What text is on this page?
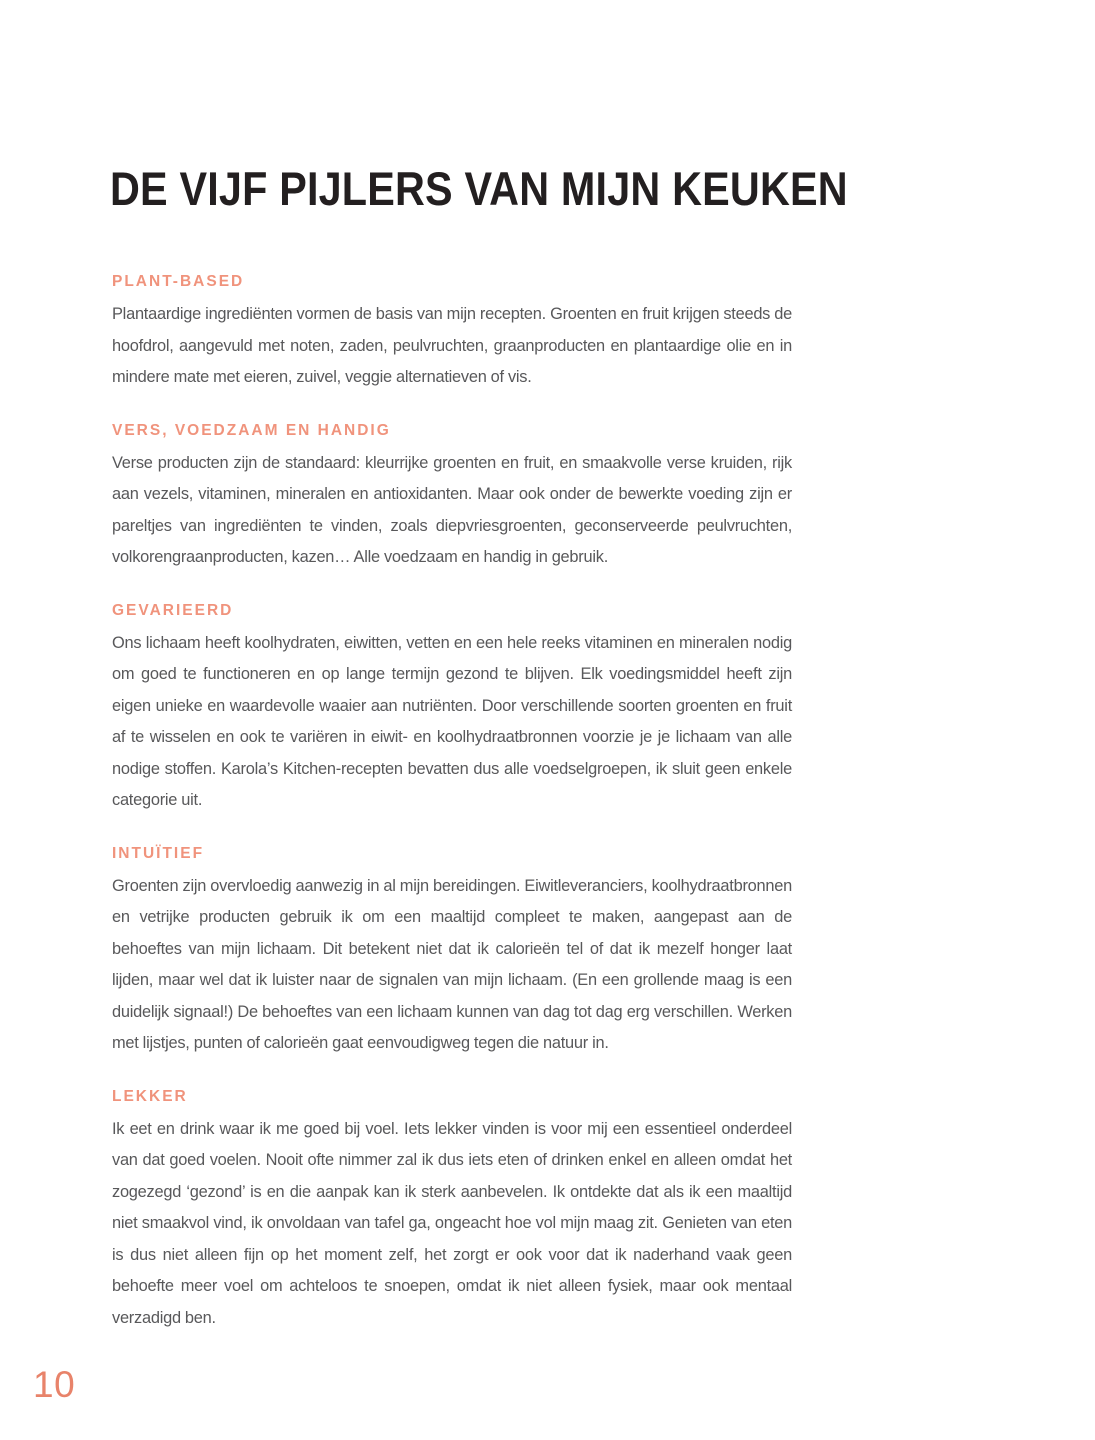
DE VIJF PIJLERS VAN MIJN KEUKEN
PLANT-BASED

Plantaardige ingrediënten vormen de basis van mijn recepten. Groenten en fruit krijgen steeds de hoofdrol, aangevuld met noten, zaden, peulvruchten, graanproducten en plantaardige olie en in mindere mate met eieren, zuivel, veggie alternatieven of vis.

VERS, VOEDZAAM EN HANDIG

Verse producten zijn de standaard: kleurrijke groenten en fruit, en smaakvolle verse kruiden, rijk aan vezels, vitaminen, mineralen en antioxidanten. Maar ook onder de bewerkte voeding zijn er pareltjes van ingrediënten te vinden, zoals diepvriesgroenten, geconserveerde peulvruchten, volkorengraanproducten, kazen… Alle voedzaam en handig in gebruik.

GEVARIEERD

Ons lichaam heeft koolhydraten, eiwitten, vetten en een hele reeks vitaminen en mineralen nodig om goed te functioneren en op lange termijn gezond te blijven. Elk voedingsmiddel heeft zijn eigen unieke en waardevolle waaier aan nutriënten. Door verschillende soorten groenten en fruit af te wisselen en ook te variëren in eiwit- en koolhydraatbronnen voorzie je je lichaam van alle nodige stoffen. Karola’s Kitchen-recepten bevatten dus alle voedselgroepen, ik sluit geen enkele categorie uit.

INTUÏTIEF

Groenten zijn overvloedig aanwezig in al mijn bereidingen. Eiwitleveranciers, koolhydraatbronnen en vetrijke producten gebruik ik om een maaltijd compleet te maken, aangepast aan de behoeftes van mijn lichaam. Dit betekent niet dat ik calorieën tel of dat ik mezelf honger laat lijden, maar wel dat ik luister naar de signalen van mijn lichaam. (En een grollende maag is een duidelijk signaal!) De behoeftes van een lichaam kunnen van dag tot dag erg verschillen. Werken met lijstjes, punten of calorieën gaat eenvoudigweg tegen die natuur in.

LEKKER

Ik eet en drink waar ik me goed bij voel. Iets lekker vinden is voor mij een essentieel onderdeel van dat goed voelen. Nooit ofte nimmer zal ik dus iets eten of drinken enkel en alleen omdat het zogezegd ‘gezond’ is en die aanpak kan ik sterk aanbevelen. Ik ontdekte dat als ik een maaltijd niet smaakvol vind, ik onvoldaan van tafel ga, ongeacht hoe vol mijn maag zit. Genieten van eten is dus niet alleen fijn op het moment zelf, het zorgt er ook voor dat ik naderhand vaak geen behoefte meer voel om achteloos te snoepen, omdat ik niet alleen fysiek, maar ook mentaal verzadigd ben.

10
